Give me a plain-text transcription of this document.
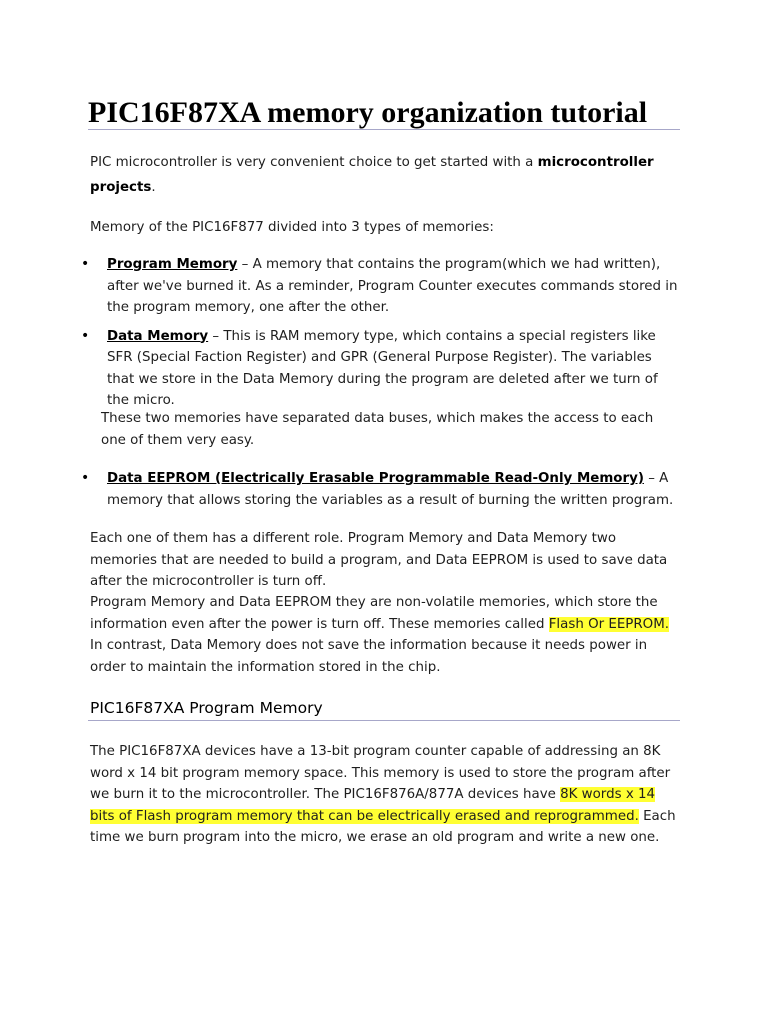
PIC16F87XA memory organization tutorial

PIC microcontroller is very convenient choice to get started with a microcontroller projects.

Memory of the PIC16F877 divided into 3 types of memories:

• Program Memory – A memory that contains the program(which we had written), after we've burned it. As a reminder, Program Counter executes commands stored in the program memory, one after the other.
• Data Memory – This is RAM memory type, which contains a special registers like SFR (Special Faction Register) and GPR (General Purpose Register). The variables that we store in the Data Memory during the program are deleted after we turn of the micro.

These two memories have separated data buses, which makes the access to each one of them very easy.

• Data EEPROM (Electrically Erasable Programmable Read-Only Memory) – A memory that allows storing the variables as a result of burning the written program.

Each one of them has a different role. Program Memory and Data Memory two memories that are needed to build a program, and Data EEPROM is used to save data after the microcontroller is turn off.

Program Memory and Data EEPROM they are non-volatile memories, which store the information even after the power is turn off. These memories called Flash Or EEPROM. In contrast, Data Memory does not save the information because it needs power in order to maintain the information stored in the chip.

PIC16F87XA Program Memory

The PIC16F87XA devices have a 13-bit program counter capable of addressing an 8K word x 14 bit program memory space. This memory is used to store the program after we burn it to the microcontroller. The PIC16F876A/877A devices have 8K words x 14 bits of Flash program memory that can be electrically erased and reprogrammed. Each time we burn program into the micro, we erase an old program and write a new one.
